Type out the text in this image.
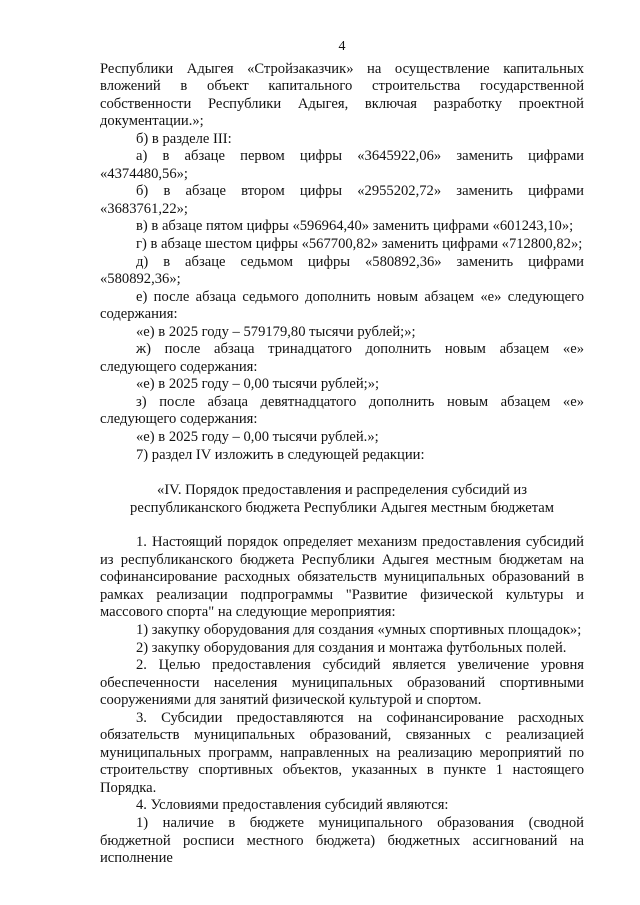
4

Республики Адыгея «Стройзаказчик» на осуществление капитальных вложений в объект капитального строительства государственной собственности Республики Адыгея, включая разработку проектной документации.»;

б) в разделе III:

а) в абзаце первом цифры «3645922,06» заменить цифрами «4374480,56»;

б) в абзаце втором цифры «2955202,72» заменить цифрами «3683761,22»;

в) в абзаце пятом цифры «596964,40» заменить цифрами «601243,10»;

г) в абзаце шестом цифры «567700,82» заменить цифрами «712800,82»;

д) в абзаце седьмом цифры «580892,36» заменить цифрами «580892,36»;

е) после абзаца седьмого дополнить новым абзацем «е» следующего содержания:

«е) в 2025 году – 579179,80 тысячи рублей;»;

ж) после абзаца тринадцатого дополнить новым абзацем «е» следующего содержания:

«е) в 2025 году – 0,00 тысячи рублей;»;

з) после абзаца девятнадцатого дополнить новым абзацем «е» следующего содержания:

«е) в 2025 году – 0,00 тысячи рублей.»;

7) раздел IV изложить в следующей редакции:

«IV. Порядок предоставления и распределения субсидий из республиканского бюджета Республики Адыгея местным бюджетам

1. Настоящий порядок определяет механизм предоставления субсидий из республиканского бюджета Республики Адыгея местным бюджетам на софинансирование расходных обязательств муниципальных образований в рамках реализации подпрограммы "Развитие физической культуры и массового спорта" на следующие мероприятия:

1) закупку оборудования для создания «умных спортивных площадок»;

2) закупку оборудования для создания и монтажа футбольных полей.

2. Целью предоставления субсидий является увеличение уровня обеспеченности населения муниципальных образований спортивными сооружениями для занятий физической культурой и спортом.

3. Субсидии предоставляются на софинансирование расходных обязательств муниципальных образований, связанных с реализацией муниципальных программ, направленных на реализацию мероприятий по строительству спортивных объектов, указанных в пункте 1 настоящего Порядка.

4. Условиями предоставления субсидий являются:

1) наличие в бюджете муниципального образования (сводной бюджетной росписи местного бюджета) бюджетных ассигнований на исполнение
